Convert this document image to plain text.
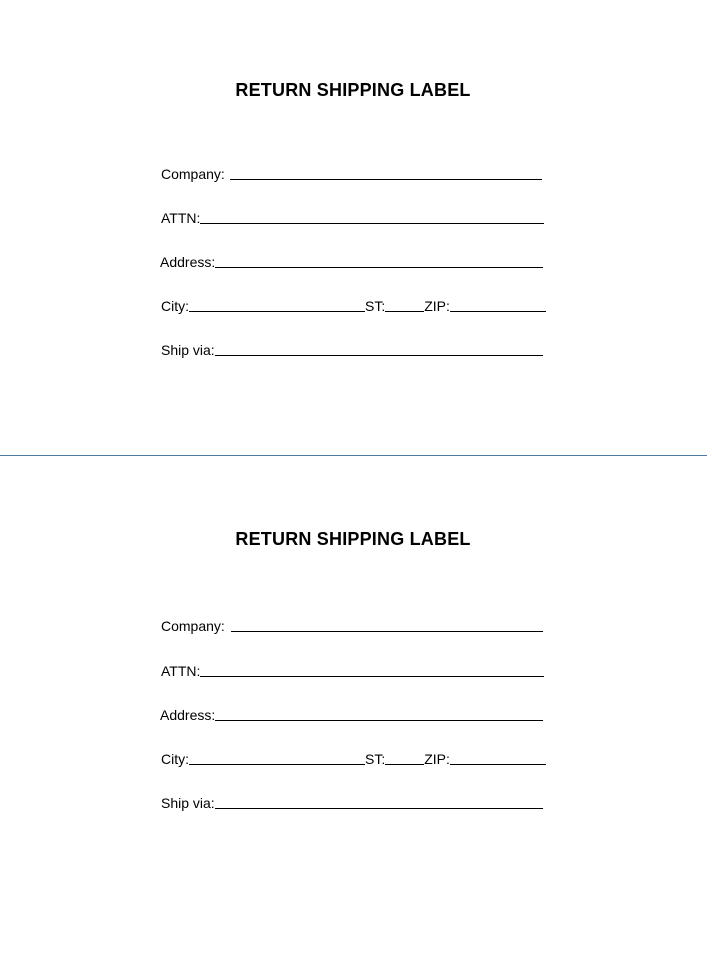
RETURN SHIPPING LABEL
Company:
ATTN:
Address:
City:	ST:	ZIP:
Ship via:
RETURN SHIPPING LABEL
Company:
ATTN:
Address:
City:	ST:	ZIP:
Ship via:
